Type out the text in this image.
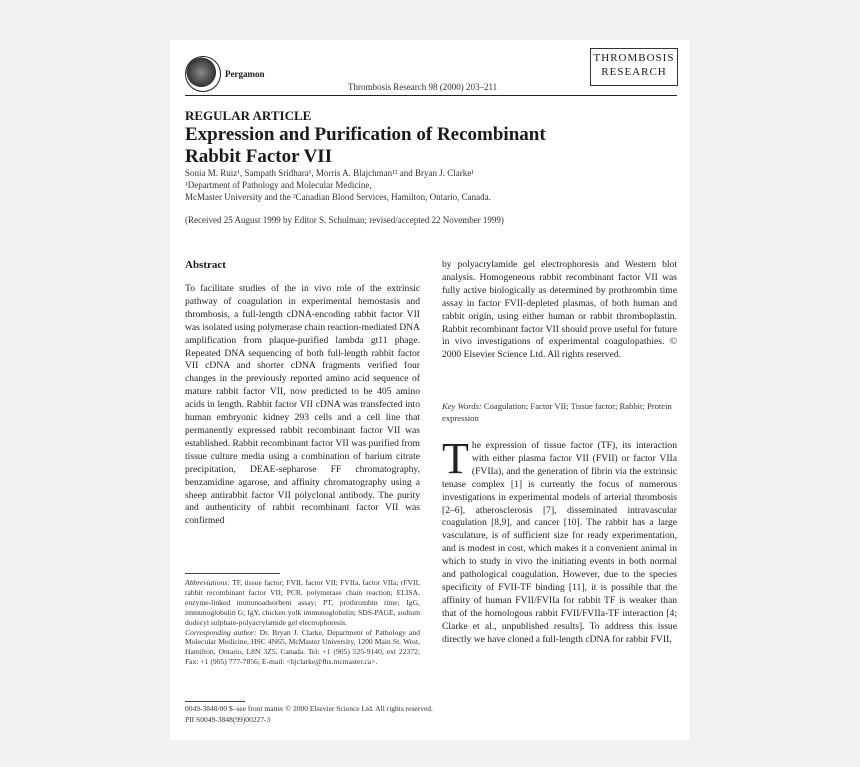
Pergamon
Thrombosis Research 98 (2000) 203–211
THROMBOSIS
RESEARCH
REGULAR ARTICLE
Expression and Purification of Recombinant Rabbit Factor VII
Sonia M. Ruiz¹, Sampath Sridhara¹, Morris A. Blajchman¹² and Bryan J. Clarke¹
¹Department of Pathology and Molecular Medicine,
McMaster University and the ²Canadian Blood Services, Hamilton, Ontario, Canada.
(Received 25 August 1999 by Editor S. Schulman; revised/accepted 22 November 1999)
Abstract
To facilitate studies of the in vivo role of the extrinsic pathway of coagulation in experimental hemostasis and thrombosis, a full-length cDNA-encoding rabbit factor VII was isolated using polymerase chain reaction-mediated DNA amplification from plaque-purified lambda gt11 phage. Repeated DNA sequencing of both full-length rabbit factor VII cDNA and shorter cDNA fragments verified four changes in the previously reported amino acid sequence of mature rabbit factor VII, now predicted to be 405 amino acids in length. Rabbit factor VII cDNA was transfected into human embryonic kidney 293 cells and a cell line that permanently expressed rabbit recombinant factor VII was established. Rabbit recombinant factor VII was purified from tissue culture media using a combination of barium citrate precipitation, DEAE-sepharose FF chromatography, benzamidine agarose, and affinity chromatography using a sheep antirabbit factor VII polyclonal antibody. The purity and authenticity of rabbit recombinant factor VII was confirmed
Abbreviations: TF, tissue factor; FVII, factor VII; FVIIa, factor VIIa; rFVII, rabbit recombinant factor VII; PCR, polymerase chain reaction; ELISA, enzyme-linked immunoadsorbent assay; PT, prothrombin time; IgG, immunoglobulin G; IgY, chicken yolk immunoglobulin; SDS-PAGE, sodium dodecyl sulphate-polyacrylamide gel electrophoresis.
Corresponding author: Dr. Bryan J. Clarke, Department of Pathology and Molecular Medicine, HSC 4N65, McMaster University, 1200 Main St. West, Hamilton, Ontario, L8N 3Z5, Canada. Tel: +1 (905) 525-9140, ext 22372; Fax: +1 (905) 777-7856; E-mail: <bjclarke@fhs.mcmaster.ca>.
by polyacrylamide gel electrophoresis and Western blot analysis. Homogeneous rabbit recombinant factor VII was fully active biologically as determined by prothrombin time assay in factor FVII-depleted plasmas, of both human and rabbit origin, using either human or rabbit thromboplastin. Rabbit recombinant factor VII should prove useful for future in vivo investigations of experimental coagulopathies. © 2000 Elsevier Science Ltd. All rights reserved.
Key Words: Coagulation; Factor VII; Tissue factor; Rabbit; Protein expression
The expression of tissue factor (TF), its interaction with either plasma factor VII (FVII) or factor VIIa (FVIIa), and the generation of fibrin via the extrinsic tenase complex [1] is currently the focus of numerous investigations in experimental models of arterial thrombosis [2–6], atherosclerosis [7], disseminated intravascular coagulation [8,9], and cancer [10]. The rabbit has a large vasculature, is of sufficient size for ready experimentation, and is modest in cost, which makes it a convenient animal in which to study in vivo the initiating events in both normal and pathological coagulation. However, due to the species specificity of FVII-TF binding [11], it is possible that the affinity of human FVII/FVIIa for rabbit TF is weaker than that of the homologous rabbit FVII/FVIIa-TF interaction [4; Clarke et al., unpublished results]. To address this issue directly we have cloned a full-length cDNA for rabbit FVII,
0049-3848/00 $–see front matter © 2000 Elsevier Science Ltd. All rights reserved.
PII S0049-3848(99)00227-3
